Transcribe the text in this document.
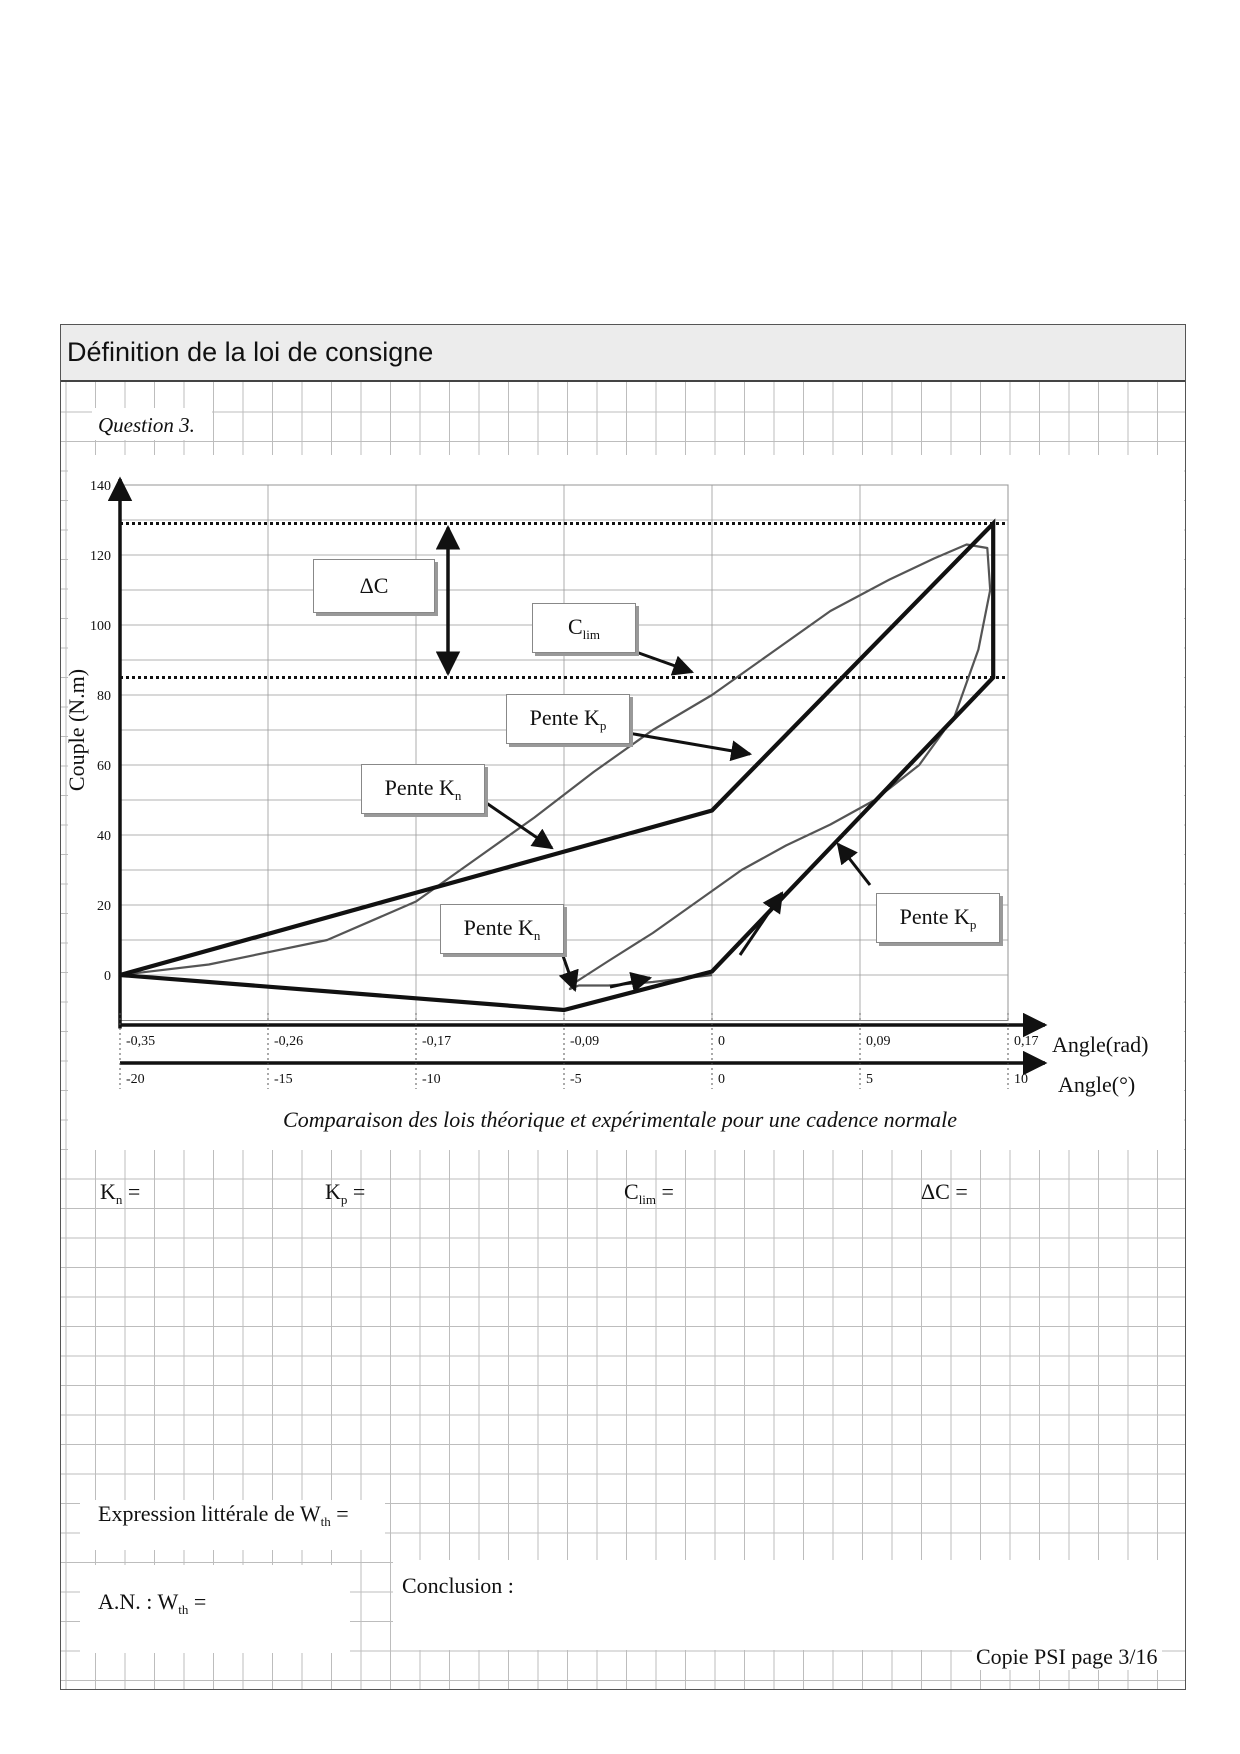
Définition de la loi de consigne
140
120
100
80
60
40
20
0
Couple (N.m)
-0,35
-20
-0,26
-15
-0,17
-10
-0,09
-5
0
0
0,09
5
0,17
10
Question 3.
ΔC
$C_{lim}$
Pente $K_p$
Pente $K_n$
Pente $K_n$
Pente $K_p$
Angle(rad)
Angle(°)
Comparaison des lois théorique et expérimentale pour une cadence normale
$K_n$ =	$K_p$ =	$C_{lim}$ =	ΔC =
Expression littérale de $W_{th}$ =
A.N. : $W_{th}$ =
Conclusion :
Copie PSI page 3/16
